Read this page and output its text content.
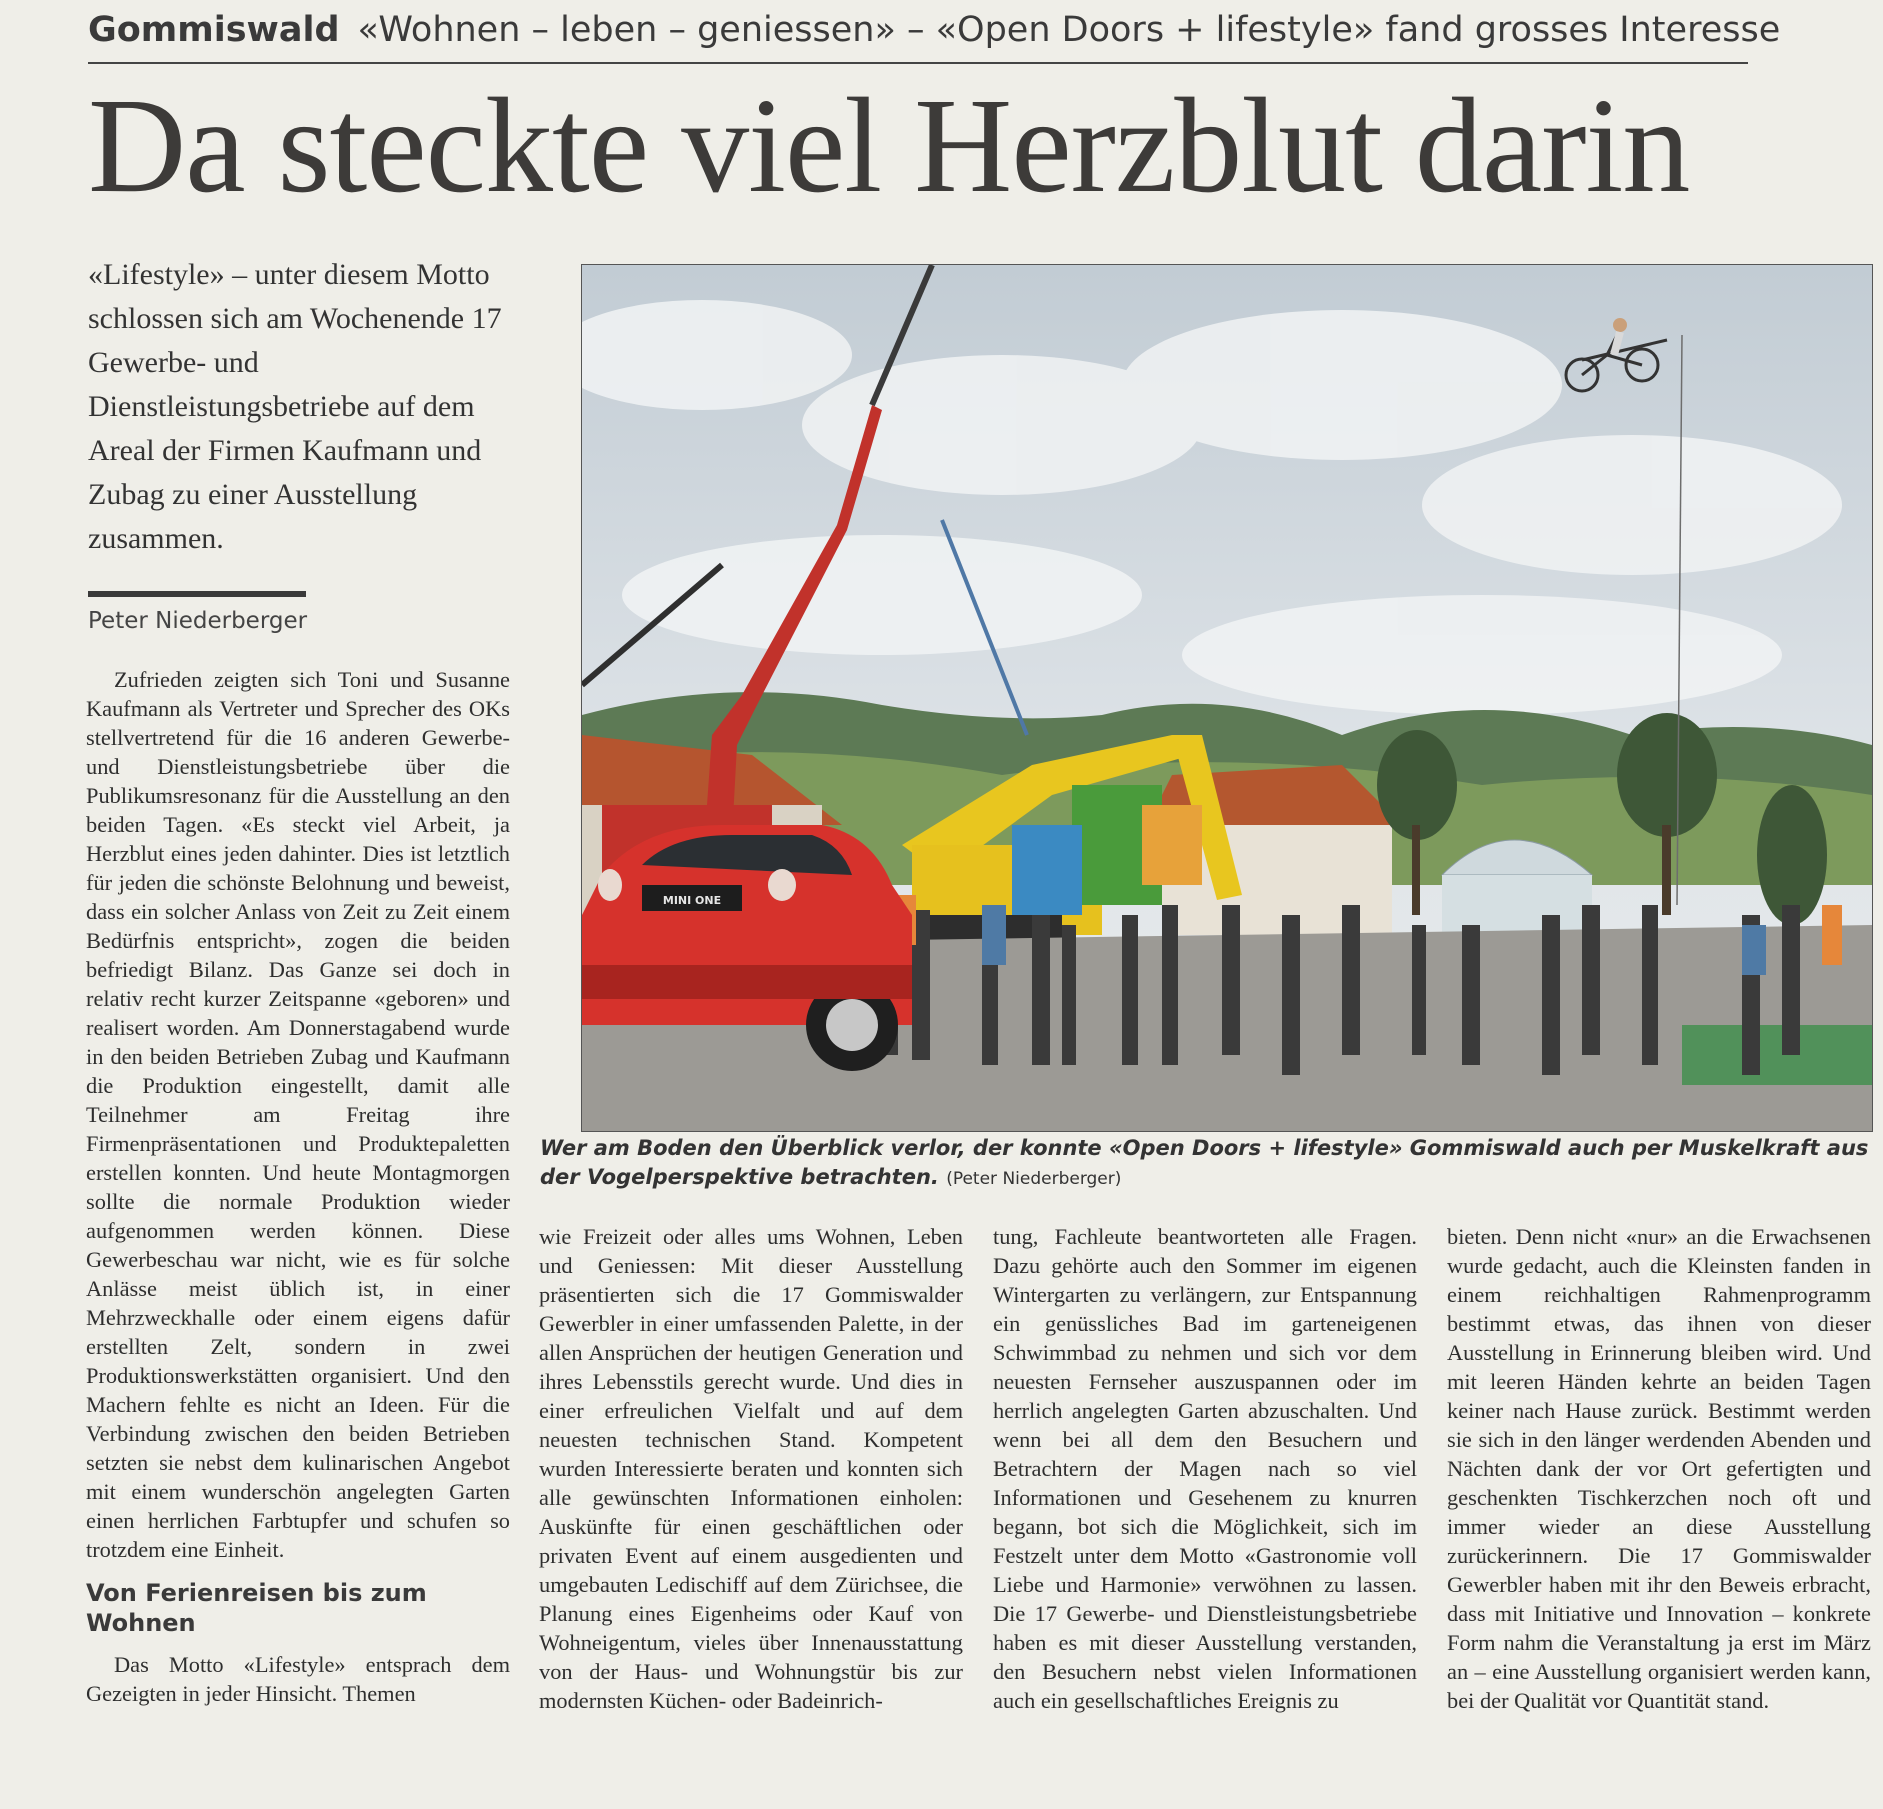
Gommiswald «Wohnen – leben – geniessen» – «Open Doors + lifestyle» fand grosses Interesse
Da steckte viel Herzblut darin
«Lifestyle» – unter diesem Motto schlossen sich am Wochenende 17 Gewerbe- und Dienstleistungsbetriebe auf dem Areal der Firmen Kaufmann und Zubag zu einer Ausstellung zusammen.
Peter Niederberger
MINI ONE
Wer am Boden den Überblick verlor, der konnte «Open Doors + lifestyle» Gommiswald auch per Muskelkraft aus der Vogelperspektive betrachten. (Peter Niederberger)

Zufrieden zeigten sich Toni und Susanne Kaufmann als Vertreter und Sprecher des OKs stellvertretend für die 16 anderen Gewerbe- und Dienstleistungsbetriebe über die Publikumsresonanz für die Ausstellung an den beiden Tagen. «Es steckt viel Arbeit, ja Herzblut eines jeden dahinter. Dies ist letztlich für jeden die schönste Belohnung und beweist, dass ein solcher Anlass von Zeit zu Zeit einem Bedürfnis entspricht», zogen die beiden befriedigt Bilanz. Das Ganze sei doch in relativ recht kurzer Zeitspanne «geboren» und realisert worden. Am Donnerstagabend wurde in den beiden Betrieben Zubag und Kaufmann die Produktion eingestellt, damit alle Teilnehmer am Freitag ihre Firmenpräsentationen und Produktepaletten erstellen konnten. Und heute Montagmorgen sollte die normale Produktion wieder aufgenommen werden können. Diese Gewerbeschau war nicht, wie es für solche Anlässe meist üblich ist, in einer Mehrzweckhalle oder einem eigens dafür erstellten Zelt, sondern in zwei Produktionswerkstätten organisiert. Und den Machern fehlte es nicht an Ideen. Für die Verbindung zwischen den beiden Betrieben setzten sie nebst dem kulinarischen Angebot mit einem wunderschön angelegten Garten einen herrlichen Farbtupfer und schufen so trotzdem eine Einheit.

Von Ferienreisen bis zum Wohnen

Das Motto «Lifestyle» entsprach dem Gezeigten in jeder Hinsicht. Themen

wie Freizeit oder alles ums Wohnen, Leben und Geniessen: Mit dieser Ausstellung präsentierten sich die 17 Gommiswalder Gewerbler in einer umfassenden Palette, in der allen Ansprüchen der heutigen Generation und ihres Lebensstils gerecht wurde. Und dies in einer erfreulichen Vielfalt und auf dem neuesten technischen Stand. Kompetent wurden Interessierte beraten und konnten sich alle gewünschten Informationen einholen: Auskünfte für einen geschäftlichen oder privaten Event auf einem ausgedienten und umgebauten Ledischiff auf dem Zürichsee, die Planung eines Eigenheims oder Kauf von Wohneigentum, vieles über Innenausstattung von der Haus- und Wohnungstür bis zur modernsten Küchen- oder Badeinrich-

tung, Fachleute beantworteten alle Fragen. Dazu gehörte auch den Sommer im eigenen Wintergarten zu verlängern, zur Entspannung ein genüssliches Bad im garteneigenen Schwimmbad zu nehmen und sich vor dem neuesten Fernseher auszuspannen oder im herrlich angelegten Garten abzuschalten. Und wenn bei all dem den Besuchern und Betrachtern der Magen nach so viel Informationen und Gesehenem zu knurren begann, bot sich die Möglichkeit, sich im Festzelt unter dem Motto «Gastronomie voll Liebe und Harmonie» verwöhnen zu lassen. Die 17 Gewerbe- und Dienstleistungsbetriebe haben es mit dieser Ausstellung verstanden, den Besuchern nebst vielen Informationen auch ein gesellschaftliches Ereignis zu

bieten. Denn nicht «nur» an die Erwachsenen wurde gedacht, auch die Kleinsten fanden in einem reichhaltigen Rahmenprogramm bestimmt etwas, das ihnen von dieser Ausstellung in Erinnerung bleiben wird. Und mit leeren Händen kehrte an beiden Tagen keiner nach Hause zurück. Bestimmt werden sie sich in den länger werdenden Abenden und Nächten dank der vor Ort gefertigten und geschenkten Tischkerzchen noch oft und immer wieder an diese Ausstellung zurückerinnern. Die 17 Gommiswalder Gewerbler haben mit ihr den Beweis erbracht, dass mit Initiative und Innovation – konkrete Form nahm die Veranstaltung ja erst im März an – eine Ausstellung organisiert werden kann, bei der Qualität vor Quantität stand.
